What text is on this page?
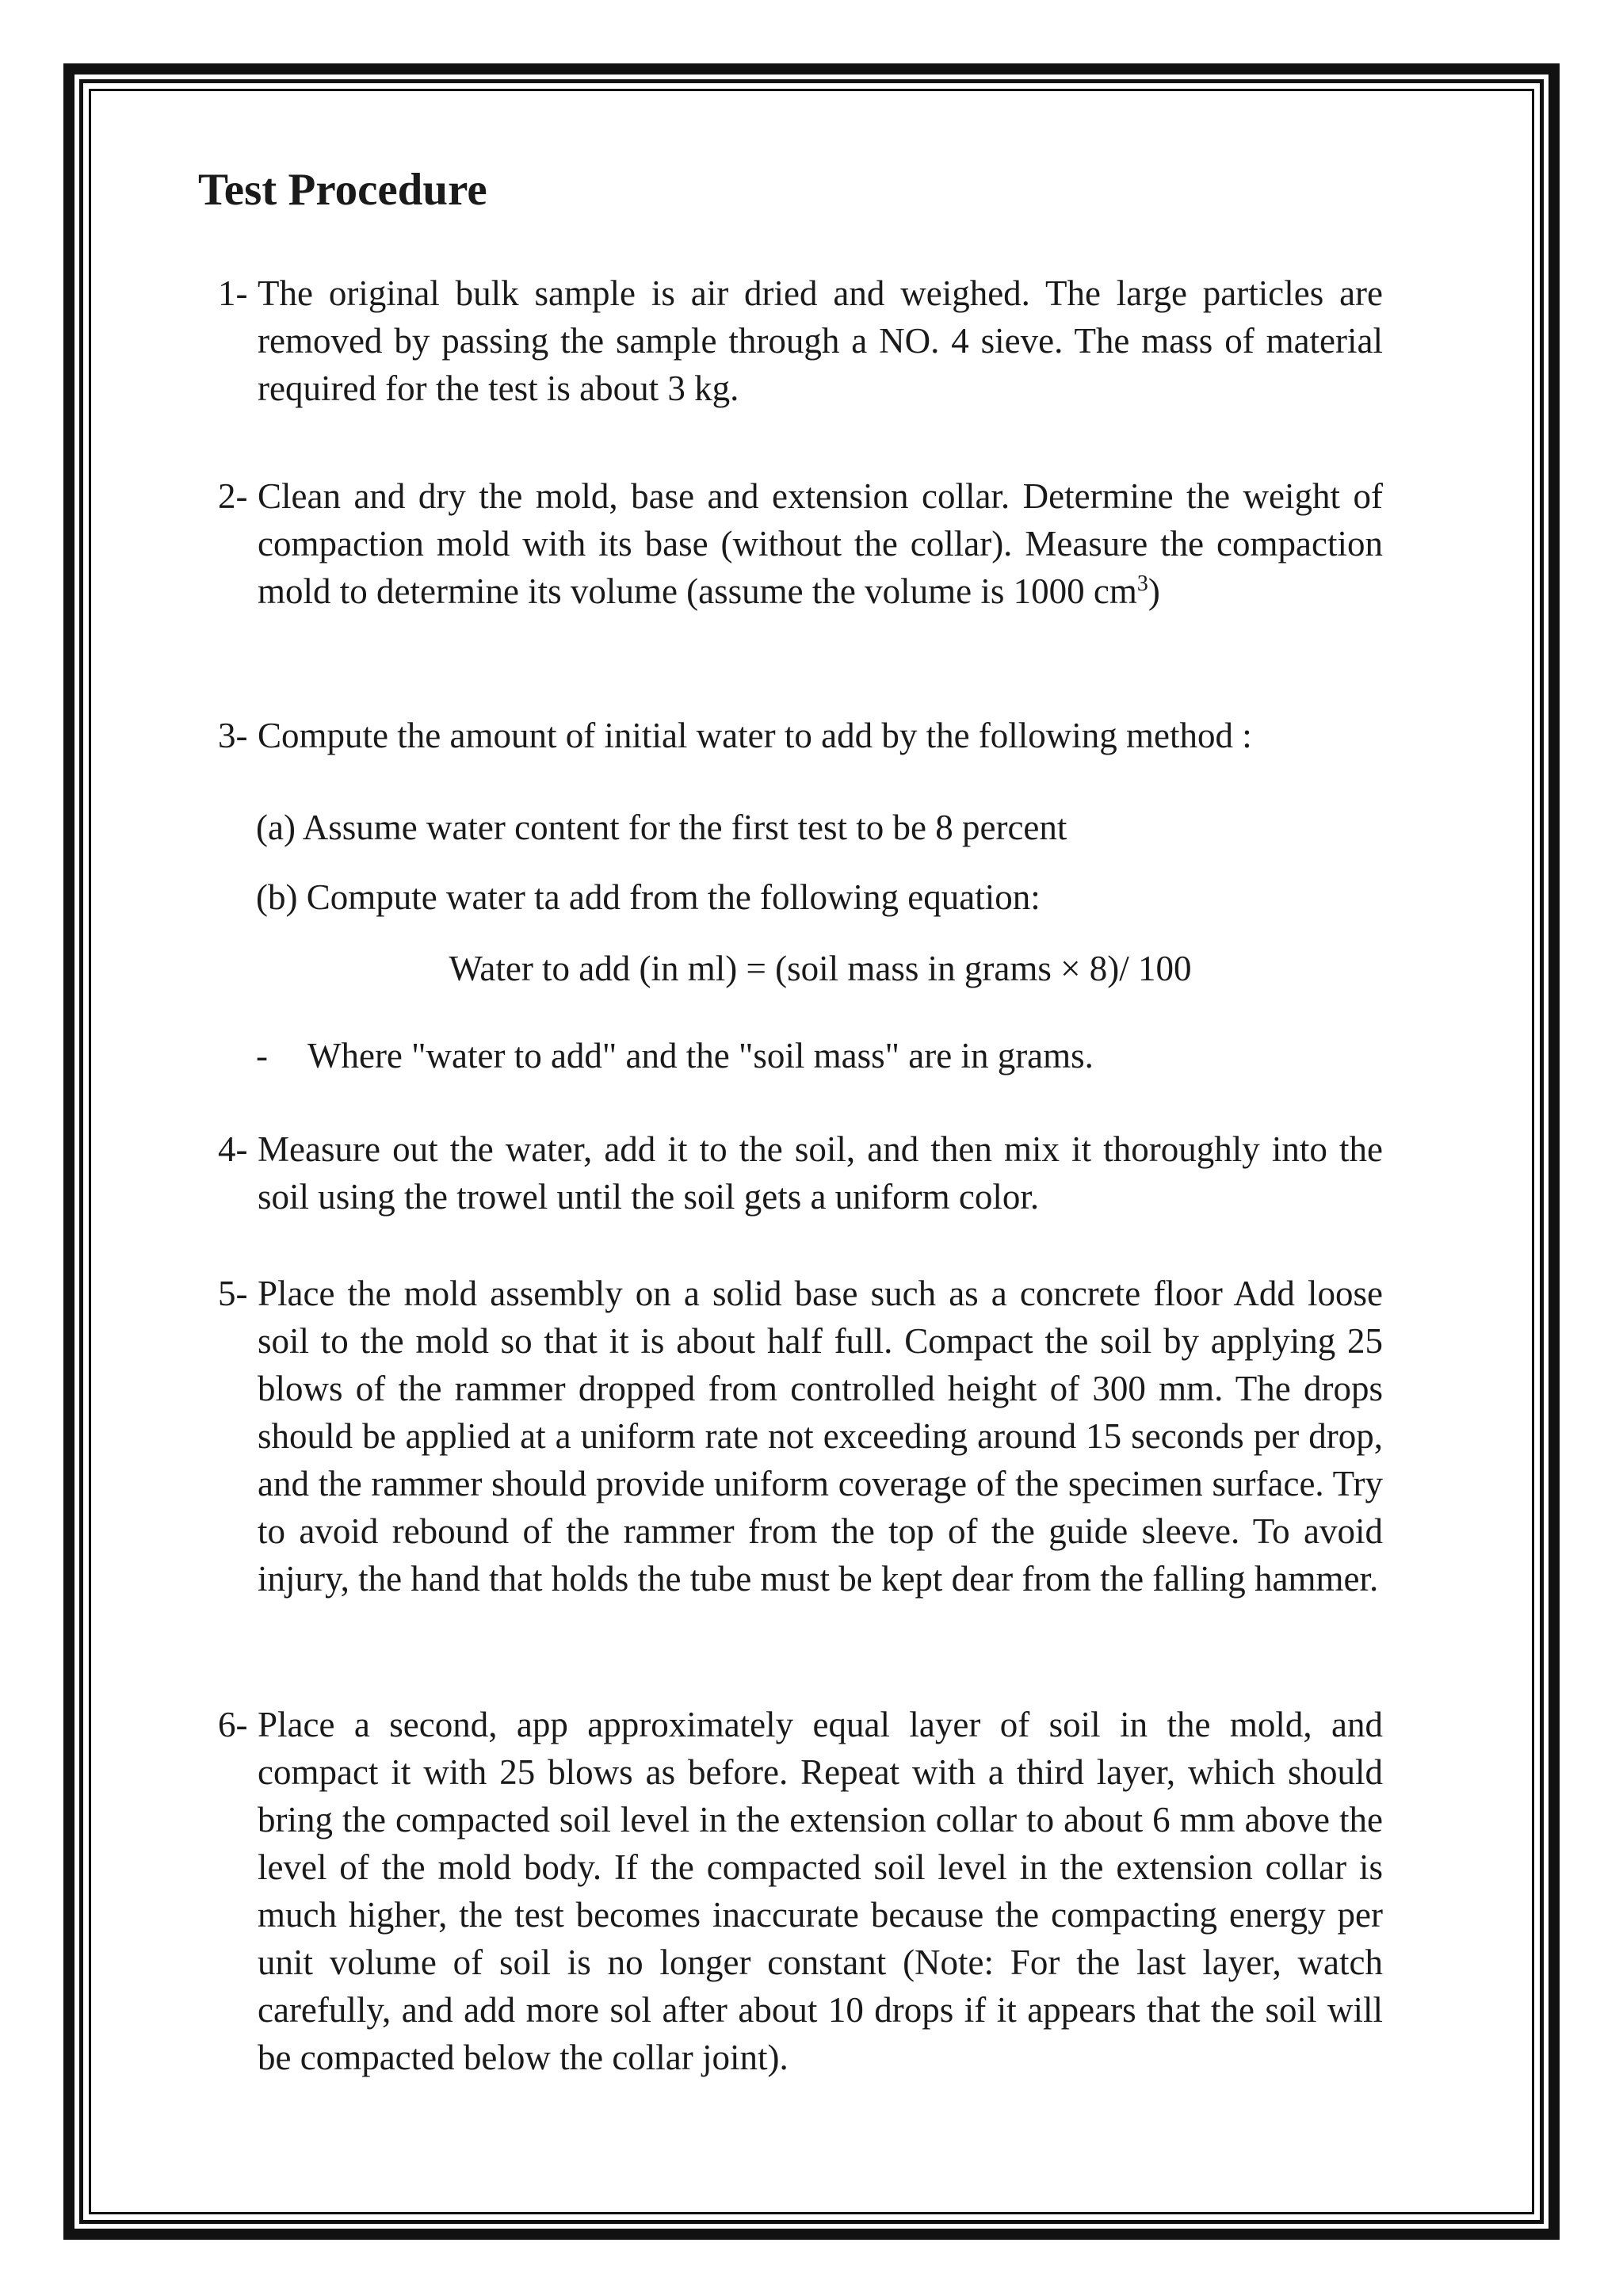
Test Procedure
1- The original bulk sample is air dried and weighed. The large particles are removed by passing the sample through a NO. 4 sieve. The mass of material required for the test is about 3 kg.
2- Clean and dry the mold, base and extension collar. Determine the weight of compaction mold with its base (without the collar). Measure the compaction mold to determine its volume (assume the volume is 1000 $cm^3$)
3- Compute the amount of initial water to add by the following method :
(a) Assume water content for the first test to be 8 percent
(b) Compute water ta add from the following equation:
Water to add (in ml) = (soil mass in grams × 8)/ 100
- Where "water to add" and the "soil mass" are in grams.
4- Measure out the water, add it to the soil, and then mix it thoroughly into the soil using the trowel until the soil gets a uniform color.
5- Place the mold assembly on a solid base such as a concrete floor Add loose soil to the mold so that it is about half full. Compact the soil by applying 25 blows of the rammer dropped from controlled height of 300 mm. The drops should be applied at a uniform rate not exceeding around 15 seconds per drop, and the rammer should provide uniform coverage of the specimen surface. Try to avoid rebound of the rammer from the top of the guide sleeve. To avoid injury, the hand that holds the tube must be kept dear from the falling hammer.
6- Place a second, app approximately equal layer of soil in the mold, and compact it with 25 blows as before. Repeat with a third layer, which should bring the compacted soil level in the extension collar to about 6 mm above the level of the mold body. If the compacted soil level in the extension collar is much higher, the test becomes inaccurate because the compacting energy per unit volume of soil is no longer constant (Note: For the last layer, watch carefully, and add more sol after about 10 drops if it appears that the soil will be compacted below the collar joint).
